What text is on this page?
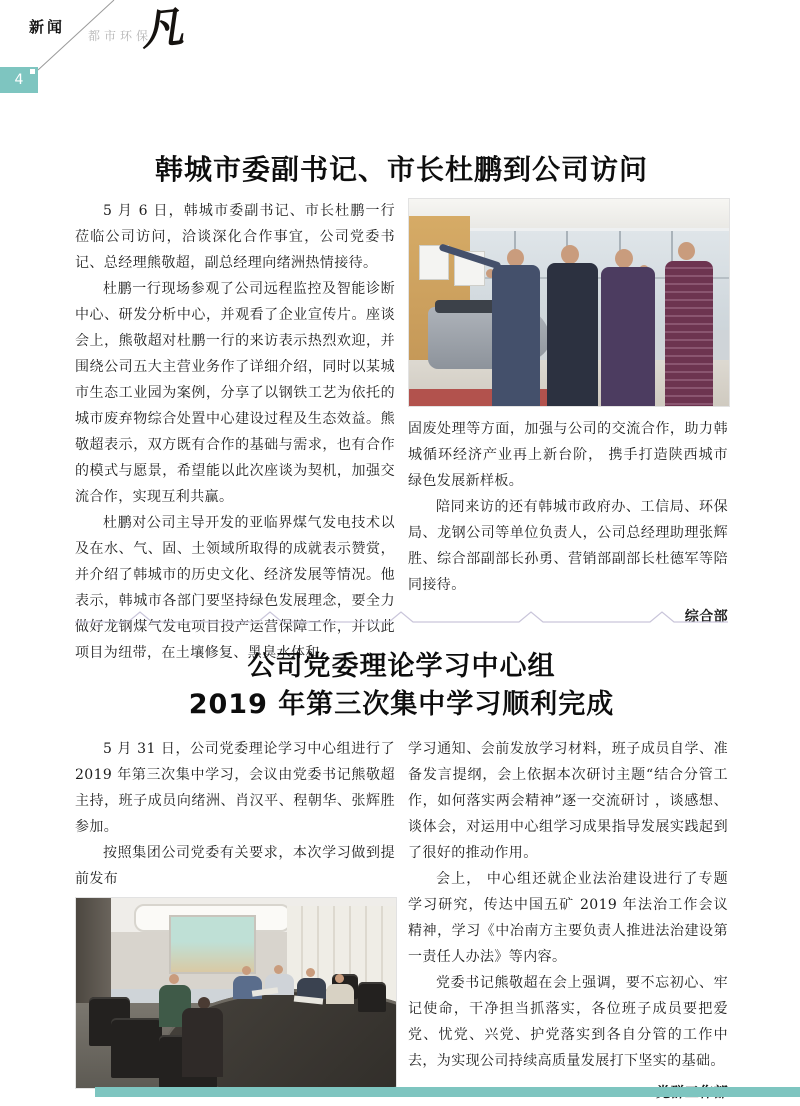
新闻 都市环保
凡
4
韩城市委副书记、市长杜鹏到公司访问

5 月 6 日，韩城市委副书记、市长杜鹏一行莅临公司访问，洽谈深化合作事宜，公司党委书记、总经理熊敬超，副总经理向绪洲热情接待。

杜鹏一行现场参观了公司远程监控及智能诊断中心、研发分析中心，并观看了企业宣传片。座谈会上，熊敬超对杜鹏一行的来访表示热烈欢迎，并围绕公司五大主营业务作了详细介绍，同时以某城市生态工业园为案例，分享了以钢铁工艺为依托的城市废弃物综合处置中心建设过程及生态效益。熊敬超表示，双方既有合作的基础与需求，也有合作的模式与愿景，希望能以此次座谈为契机，加强交流合作，实现互利共赢。

杜鹏对公司主导开发的亚临界煤气发电技术以及在水、气、固、土领域所取得的成就表示赞赏，并介绍了韩城市的历史文化、经济发展等情况。他表示，韩城市各部门要坚持绿色发展理念，要全力做好龙钢煤气发电项目投产运营保障工作，并以此项目为纽带，在土壤修复、黑臭水体和

固废处理等方面，加强与公司的交流合作，助力韩城循环经济产业再上新台阶， 携手打造陕西城市绿色发展新样板。

陪同来访的还有韩城市政府办、工信局、环保局、龙钢公司等单位负责人，公司总经理助理张辉胜、综合部副部长孙勇、营销部副部长杜德军等陪同接待。

综合部

公司党委理论学习中心组
2019 年第三次集中学习顺利完成

5 月 31 日，公司党委理论学习中心组进行了 2019 年第三次集中学习，会议由党委书记熊敬超主持，班子成员向绪洲、肖汉平、程朝华、张辉胜参加。

按照集团公司党委有关要求，本次学习做到提前发布

学习通知、会前发放学习材料，班子成员自学、准备发言提纲，会上依据本次研讨主题“结合分管工作，如何落实两会精神”逐一交流研讨 ，谈感想、谈体会，对运用中心组学习成果指导发展实践起到了很好的推动作用。

会上， 中心组还就企业法治建设进行了专题学习研究，传达中国五矿 2019 年法治工作会议精神，学习《中冶南方主要负责人推进法治建设第一责任人办法》等内容。

党委书记熊敬超在会上强调，要不忘初心、牢记使命，干净担当抓落实，各位班子成员要把爱党、忧党、兴党、护党落实到各自分管的工作中去，为实现公司持续高质量发展打下坚实的基础。
